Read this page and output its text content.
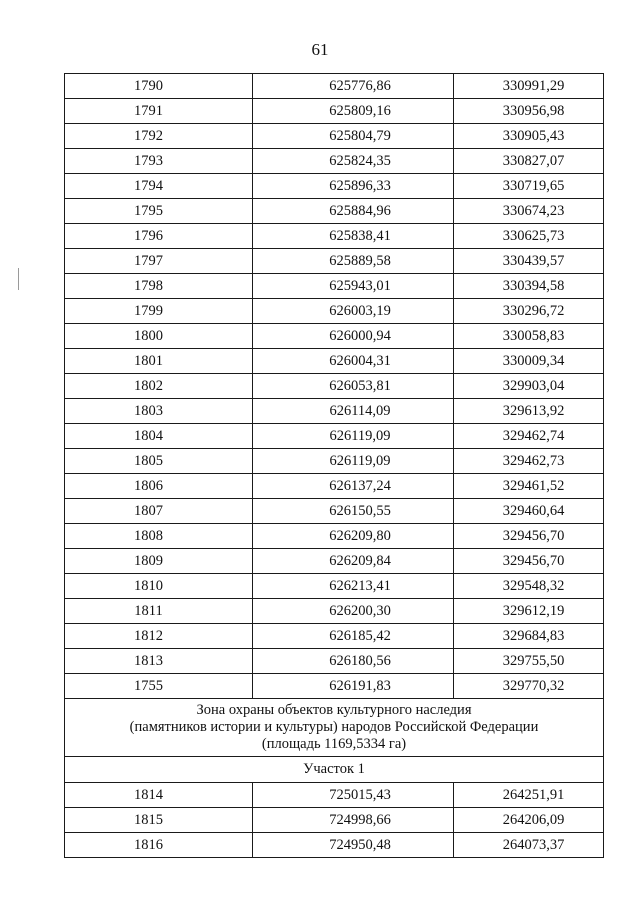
61
1790	625776,86	330991,29
1791	625809,16	330956,98
1792	625804,79	330905,43
1793	625824,35	330827,07
1794	625896,33	330719,65
1795	625884,96	330674,23
1796	625838,41	330625,73
1797	625889,58	330439,57
1798	625943,01	330394,58
1799	626003,19	330296,72
1800	626000,94	330058,83
1801	626004,31	330009,34
1802	626053,81	329903,04
1803	626114,09	329613,92
1804	626119,09	329462,74
1805	626119,09	329462,73
1806	626137,24	329461,52
1807	626150,55	329460,64
1808	626209,80	329456,70
1809	626209,84	329456,70
1810	626213,41	329548,32
1811	626200,30	329612,19
1812	626185,42	329684,83
1813	626180,56	329755,50
1755	626191,83	329770,32

Зона охраны объектов культурного наследия
(памятников истории и культуры) народов Российской Федерации
(площадь 1169,5334 га)		

Участок 1		
1814	725015,43	264251,91
1815	724998,66	264206,09
1816	724950,48	264073,37
